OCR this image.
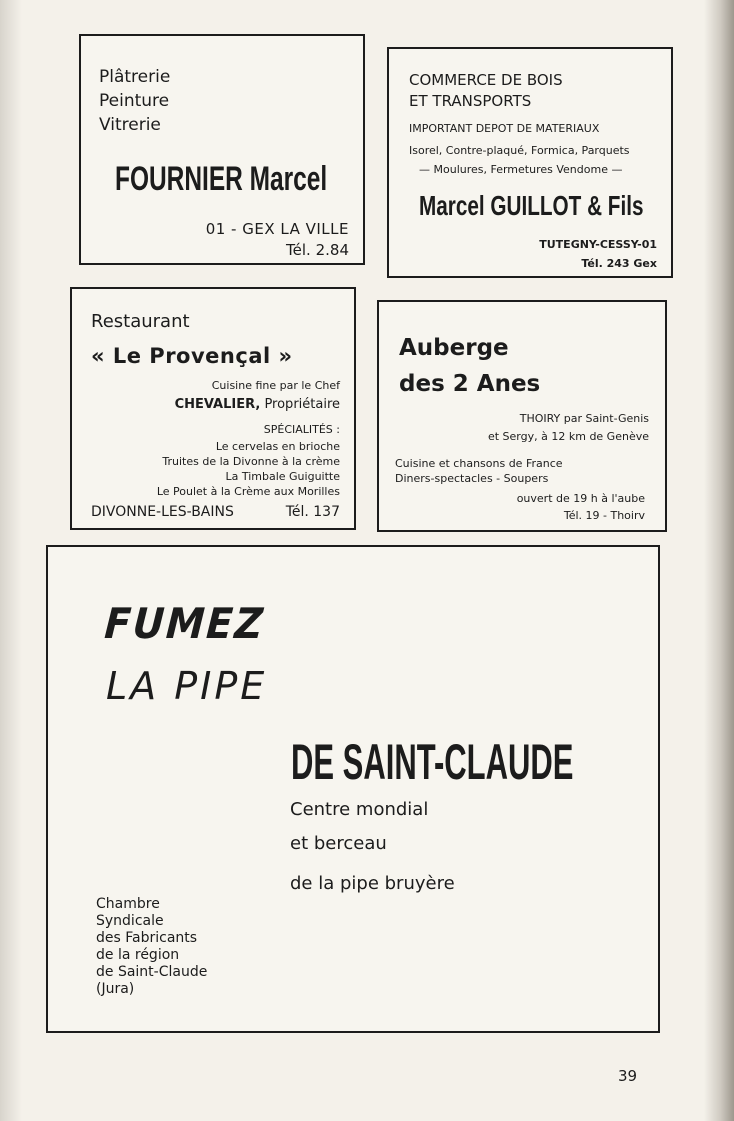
Plâtrerie
Peinture
Vitrerie
FOURNIER Marcel
01 - GEX LA VILLE
Tél. 2.84
COMMERCE DE BOIS
ET TRANSPORTS
IMPORTANT DEPOT DE MATERIAUX
Isorel, Contre-plaqué, Formica, Parquets
— Moulures, Fermetures Vendome —
Marcel GUILLOT & Fils
TUTEGNY-CESSY-01
Tél. 243 Gex
Restaurant
« Le Provençal »
Cuisine fine par le Chef
CHEVALIER, Propriétaire
SPÉCIALITÉS :
Le cervelas en brioche
Truites de la Divonne à la crème
La Timbale Guiguitte
Le Poulet à la Crème aux Morilles
DIVONNE-LES-BAINS	Tél. 137
Auberge
des 2 Anes
THOIRY par Saint-Genis
et Sergy, à 12 km de Genève
Cuisine et chansons de France
Diners-spectacles - Soupers
ouvert de 19 h à l'aube
Tél. 19 - Thoirv
FUMEZ
LA PIPE
DE SAINT-CLAUDE
Centre mondial
et berceau
de la pipe bruyère
Chambre
Syndicale
des Fabricants
de la région
de Saint-Claude
(Jura)
39
